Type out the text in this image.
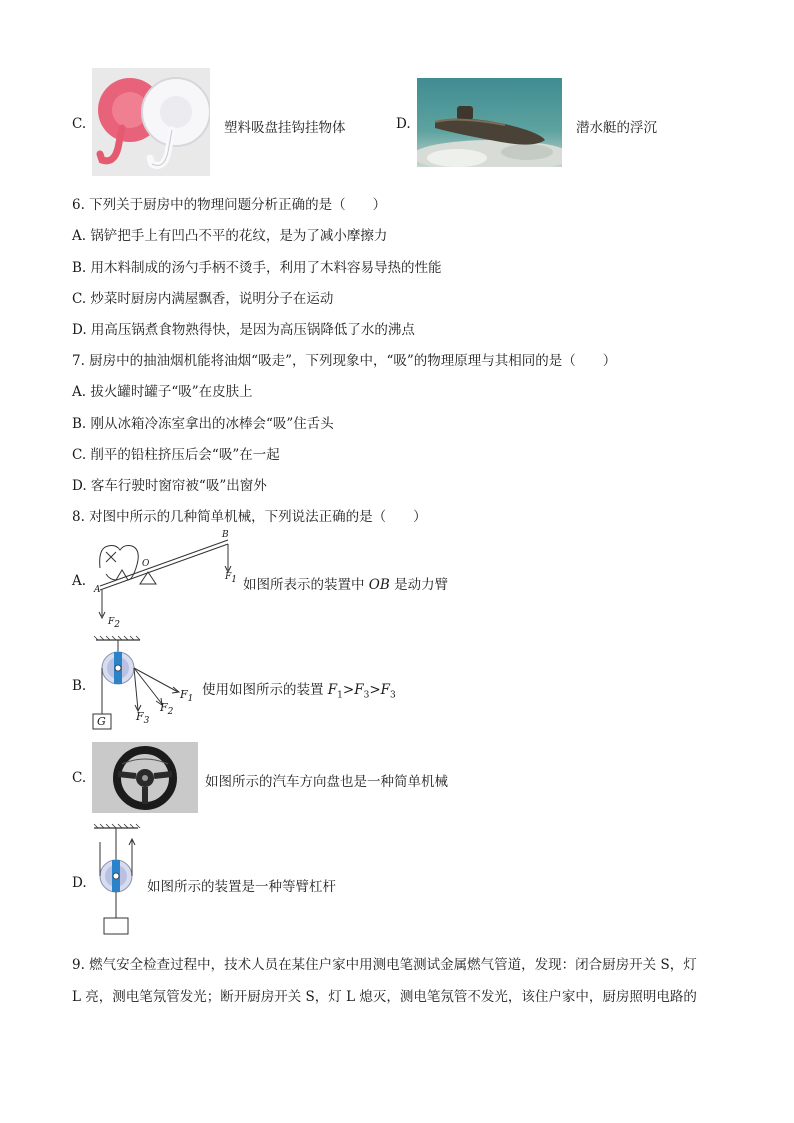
C.	塑料吸盘挂钩挂物体	D.	潜水艇的浮沉
6. 下列关于厨房中的物理问题分析正确的是（　　）
A. 锅铲把手上有凹凸不平的花纹，是为了减小摩擦力
B. 用木料制成的汤勺手柄不烫手，利用了木料容易导热的性能
C. 炒菜时厨房内满屋飘香，说明分子在运动
D. 用高压锅煮食物熟得快，是因为高压锅降低了水的沸点
7. 厨房中的抽油烟机能将油烟“吸走”，下列现象中，“吸”的物理原理与其相同的是（　　）
A. 拔火罐时罐子“吸”在皮肤上
B. 刚从冰箱冷冻室拿出的冰棒会“吸”住舌头
C. 削平的铅柱挤压后会“吸”在一起
D. 客车行驶时窗帘被“吸”出窗外
8. 对图中所示的几种简单机械，下列说法正确的是（　　）
A.
B
O
A
$F_1$
$F_2$
如图所表示的装置中 OB 是动力臂
B.
$F_1$
$F_2$
$F_3$
G
使用如图所示的装置 $F_1>F_3>F_3$
C.	如图所示的汽车方向盘也是一种简单机械
D.	如图所示的装置是一种等臂杠杆
9. 燃气安全检查过程中，技术人员在某住户家中用测电笔测试金属燃气管道，发现：闭合厨房开关 S，灯
L 亮，测电笔氖管发光；断开厨房开关 S，灯 L 熄灭，测电笔氖管不发光，该住户家中，厨房照明电路的
